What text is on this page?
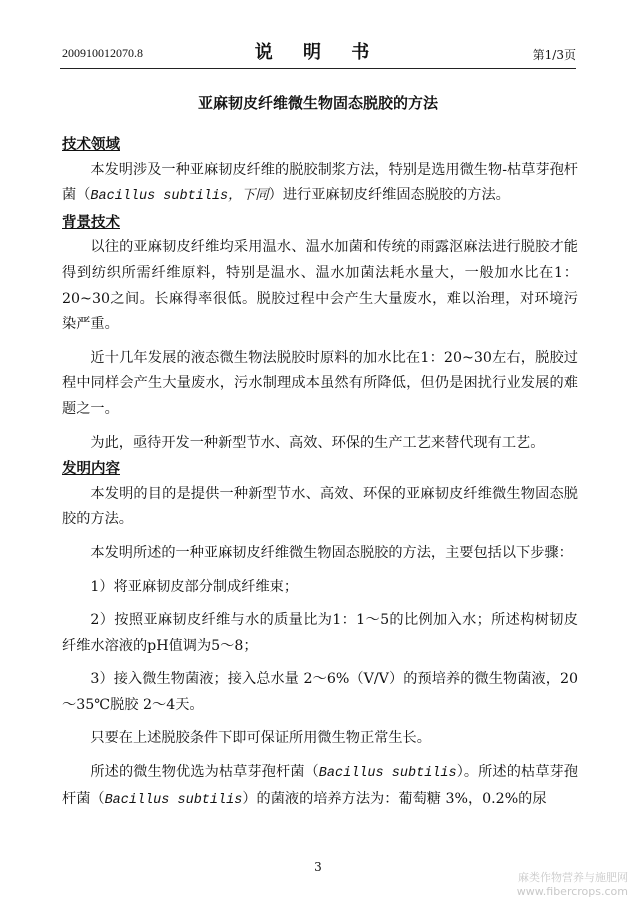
200910012070.8	说 明 书	第1/3页
亚麻韧皮纤维微生物固态脱胶的方法

技术领域

本发明涉及一种亚麻韧皮纤维的脱胶制浆方法，特别是选用微生物-枯草芽孢杆菌（Bacillus subtilis，下同）进行亚麻韧皮纤维固态脱胶的方法。

背景技术

以往的亚麻韧皮纤维均采用温水、温水加菌和传统的雨露沤麻法进行脱胶才能得到纺织所需纤维原料，特别是温水、温水加菌法耗水量大，一般加水比在1：20~30之间。长麻得率很低。脱胶过程中会产生大量废水，难以治理，对环境污染严重。

近十几年发展的液态微生物法脱胶时原料的加水比在1：20~30左右，脱胶过程中同样会产生大量废水，污水制理成本虽然有所降低，但仍是困扰行业发展的难题之一。

为此，亟待开发一种新型节水、高效、环保的生产工艺来替代现有工艺。

发明内容

本发明的目的是提供一种新型节水、高效、环保的亚麻韧皮纤维微生物固态脱胶的方法。

本发明所述的一种亚麻韧皮纤维微生物固态脱胶的方法，主要包括以下步骤：

1）将亚麻韧皮部分制成纤维束；

2）按照亚麻韧皮纤维与水的质量比为1：1～5的比例加入水；所述构树韧皮纤维水溶液的pH值调为5～8；

3）接入微生物菌液；接入总水量 2～6%（V/V）的预培养的微生物菌液，20～35℃脱胶 2～4天。

只要在上述脱胶条件下即可保证所用微生物正常生长。

所述的微生物优选为枯草芽孢杆菌（Bacillus subtilis）。所述的枯草芽孢杆菌（Bacillus subtilis）的菌液的培养方法为：葡萄糖 3%，0.2%的尿

3
麻类作物营养与施肥网
www.fibercrops.com
